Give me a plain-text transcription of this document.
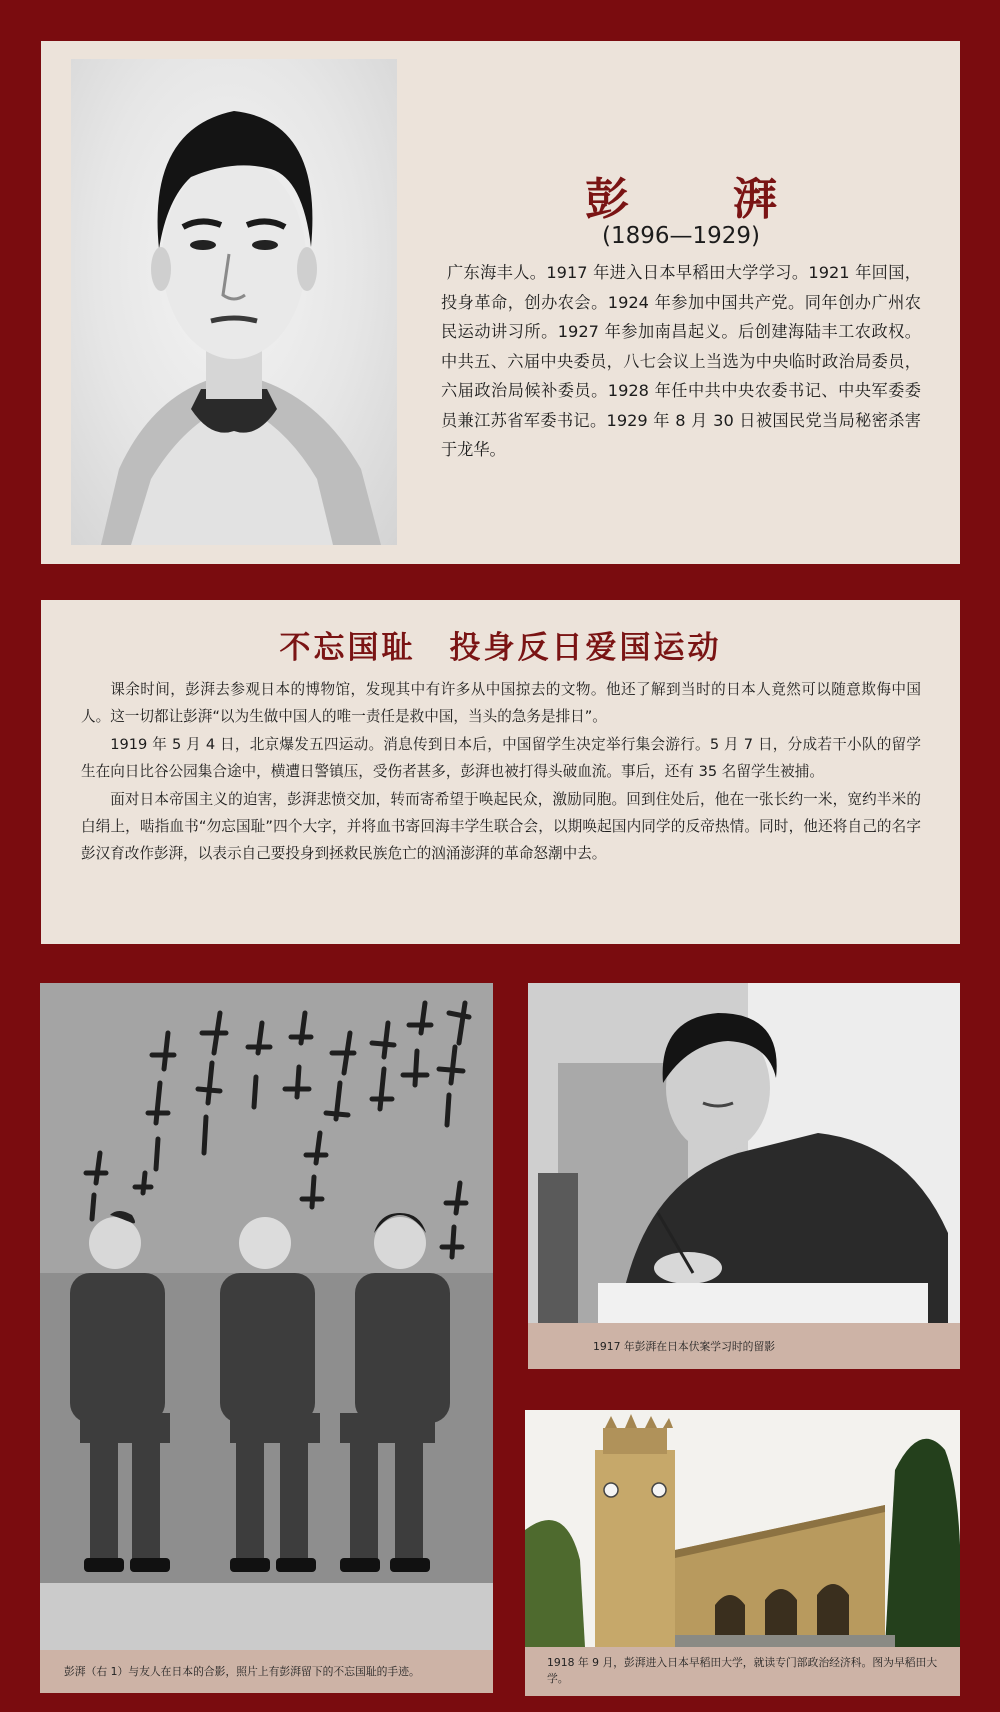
彭　湃
(1896—1929)
广东海丰人。1917 年进入日本早稻田大学学习。1921 年回国，投身革命，创办农会。1924 年参加中国共产党。同年创办广州农民运动讲习所。1927 年参加南昌起义。后创建海陆丰工农政权。中共五、六届中央委员，八七会议上当选为中央临时政治局委员，六届政治局候补委员。1928 年任中共中央农委书记、中央军委委员兼江苏省军委书记。1929 年 8 月 30 日被国民党当局秘密杀害于龙华。
不忘国耻　投身反日爱国运动

课余时间，彭湃去参观日本的博物馆，发现其中有许多从中国掠去的文物。他还了解到当时的日本人竟然可以随意欺侮中国人。这一切都让彭湃“以为生做中国人的唯一责任是救中国，当头的急务是排日”。

1919 年 5 月 4 日，北京爆发五四运动。消息传到日本后，中国留学生决定举行集会游行。5 月 7 日，分成若干小队的留学生在向日比谷公园集合途中，横遭日警镇压，受伤者甚多，彭湃也被打得头破血流。事后，还有 35 名留学生被捕。

面对日本帝国主义的迫害，彭湃悲愤交加，转而寄希望于唤起民众，激励同胞。回到住处后，他在一张长约一米，宽约半米的白绢上，啮指血书“勿忘国耻”四个大字，并将血书寄回海丰学生联合会，以期唤起国内同学的反帝热情。同时，他还将自己的名字彭汉育改作彭湃，以表示自己要投身到拯救民族危亡的汹涌澎湃的革命怒潮中去。

彭湃（右 1）与友人在日本的合影，照片上有彭湃留下的不忘国耻的手迹。
1917 年彭湃在日本伏案学习时的留影
1918 年 9 月，彭湃进入日本早稻田大学，就读专门部政治经济科。图为早稻田大学。
